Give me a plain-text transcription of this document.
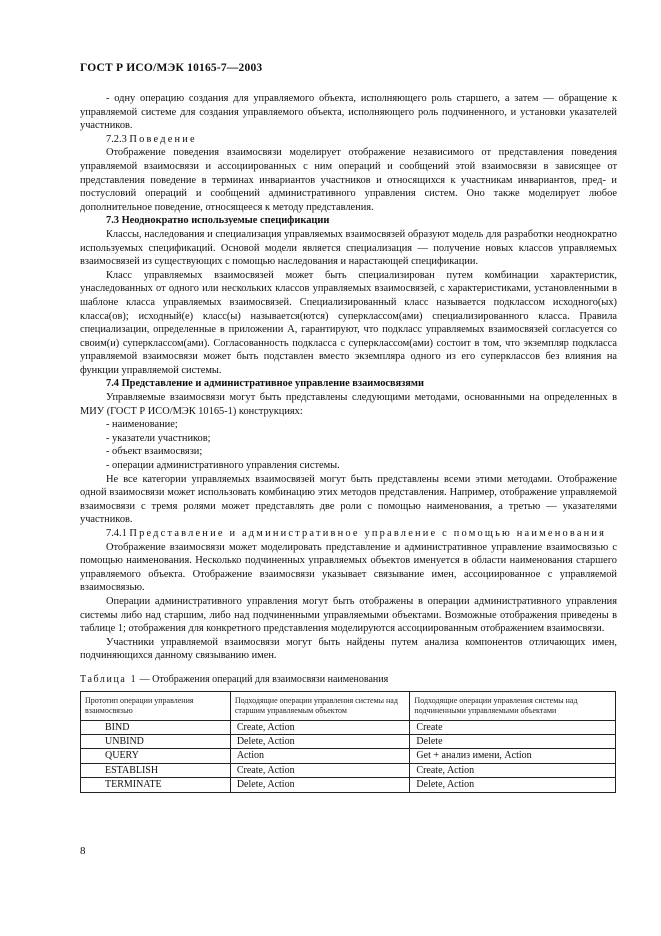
ГОСТ Р ИСО/МЭК 10165-7—2003

- одну операцию создания для управляемого объекта, исполняющего роль старшего, а затем — обращение к управляемой системе для создания управляемого объекта, исполняющего роль подчиненного, и установки указателей участников.

7.2.3 Поведение

Отображение поведения взаимосвязи моделирует отображение независимого от представления поведения управляемой взаимосвязи и ассоциированных с ним операций и сообщений этой взаимосвязи в зависящее от представления поведение в терминах инвариантов участников и относящихся к участникам инвариантов, пред- и постусловий операций и сообщений административного управления систем. Оно также моделирует любое дополнительное поведение, относящееся к методу представления.

7.3 Неоднократно используемые спецификации

Классы, наследования и специализация управляемых взаимосвязей образуют модель для разработки неоднократно используемых спецификаций. Основой модели является специализация — получение новых классов управляемых взаимосвязей из существующих с помощью наследования и нарастающей спецификации.

Класс управляемых взаимосвязей может быть специализирован путем комбинации характеристик, унаследованных от одного или нескольких классов управляемых взаимосвязей, с характеристиками, установленными в шаблоне класса управляемых взаимосвязей. Специализированный класс называется подклассом исходного(ых) класса(ов); исходный(е) класс(ы) называется(ются) суперклассом(ами) специализированного класса. Правила специализации, определенные в приложении А, гарантируют, что подкласс управляемых взаимосвязей согласуется со своим(и) суперклассом(ами). Согласованность подкласса с суперклассом(ами) состоит в том, что экземпляр подкласса управляемой взаимосвязи может быть подставлен вместо экземпляра одного из его суперклассов без влияния на функции управляемой системы.

7.4 Представление и административное управление взаимосвязями

Управляемые взаимосвязи могут быть представлены следующими методами, основанными на определенных в МИУ (ГОСТ Р ИСО/МЭК 10165-1) конструкциях:

- наименование;

- указатели участников;

- объект взаимосвязи;

- операции административного управления системы.

Не все категории управляемых взаимосвязей могут быть представлены всеми этими методами. Отображение одной взаимосвязи может использовать комбинацию этих методов представления. Например, отображение управляемой взаимосвязи с тремя ролями может представлять две роли с помощью наименования, а третью — указателями участников.

7.4.1 Представление и административное управление с помощью наименования

Отображение взаимосвязи может моделировать представление и административное управление взаимосвязью с помощью наименования. Несколько подчиненных управляемых объектов именуется в области наименования старшего управляемого объекта. Отображение взаимосвязи указывает связывание имен, ассоциированное с управляемой взаимосвязью.

Операции административного управления могут быть отображены в операции административного управления системы либо над старшим, либо над подчиненными управляемыми объектами. Возможные отображения приведены в таблице 1; отображения для конкретного представления моделируются ассоциированным отображением взаимосвязи.

Участники управляемой взаимосвязи могут быть найдены путем анализа компонентов отличающих имен, подчиняющихся данному связыванию имен.

Таблица 1 — Отображения операций для взаимосвязи наименования

Прототип операции управления взаимосвязью	Подходящие операции управления системы над старшим управляемым объектом	Подходящие операции управления системы над подчиненными управляемыми объектами
BIND	Create, Action	Create
UNBIND	Delete, Action	Delete
QUERY	Action	Get + анализ имени, Action
ESTABLISH	Create, Action	Create, Action
TERMINATE	Delete, Action	Delete, Action
8
